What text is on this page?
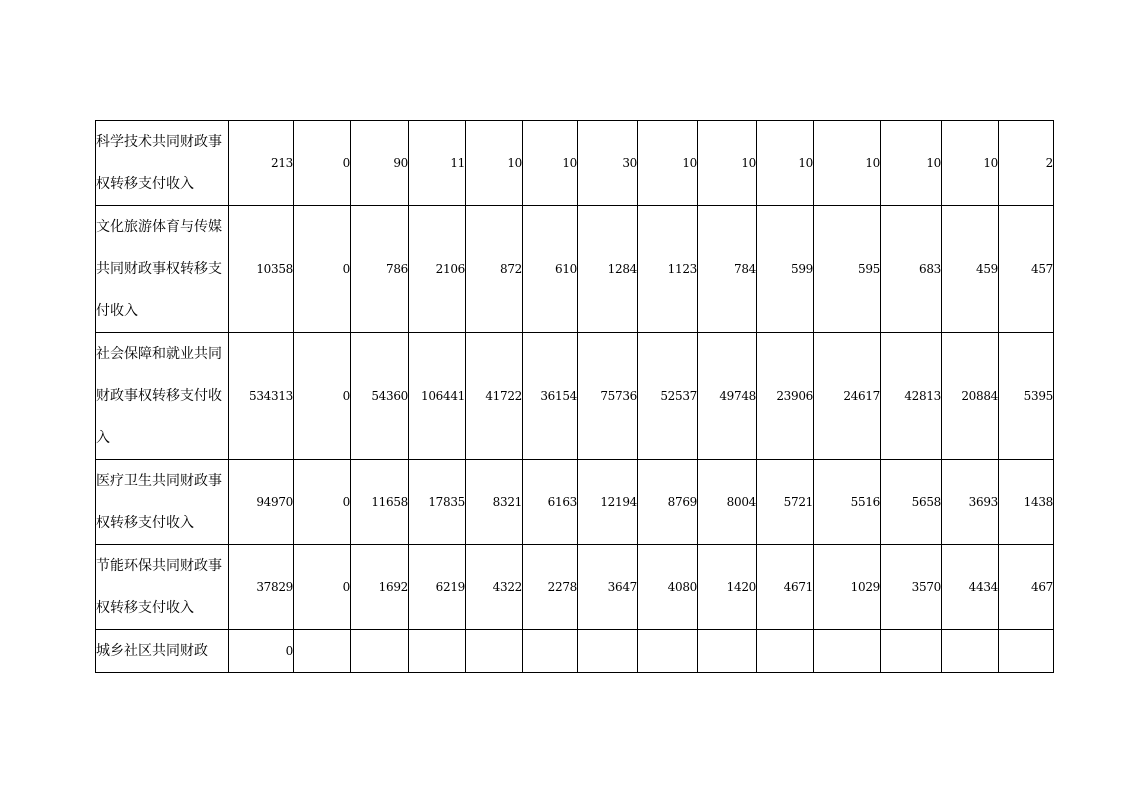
科学技术共同财政事权转移支付收入	213	0	90	11	10	10	30	10	10	10	10	10	10	2
文化旅游体育与传媒共同财政事权转移支付收入	10358	0	786	2106	872	610	1284	1123	784	599	595	683	459	457
社会保障和就业共同财政事权转移支付收入	534313	0	54360	106441	41722	36154	75736	52537	49748	23906	24617	42813	20884	5395
医疗卫生共同财政事权转移支付收入	94970	0	11658	17835	8321	6163	12194	8769	8004	5721	5516	5658	3693	1438
节能环保共同财政事权转移支付收入	37829	0	1692	6219	4322	2278	3647	4080	1420	4671	1029	3570	4434	467
城乡社区共同财政	0													
